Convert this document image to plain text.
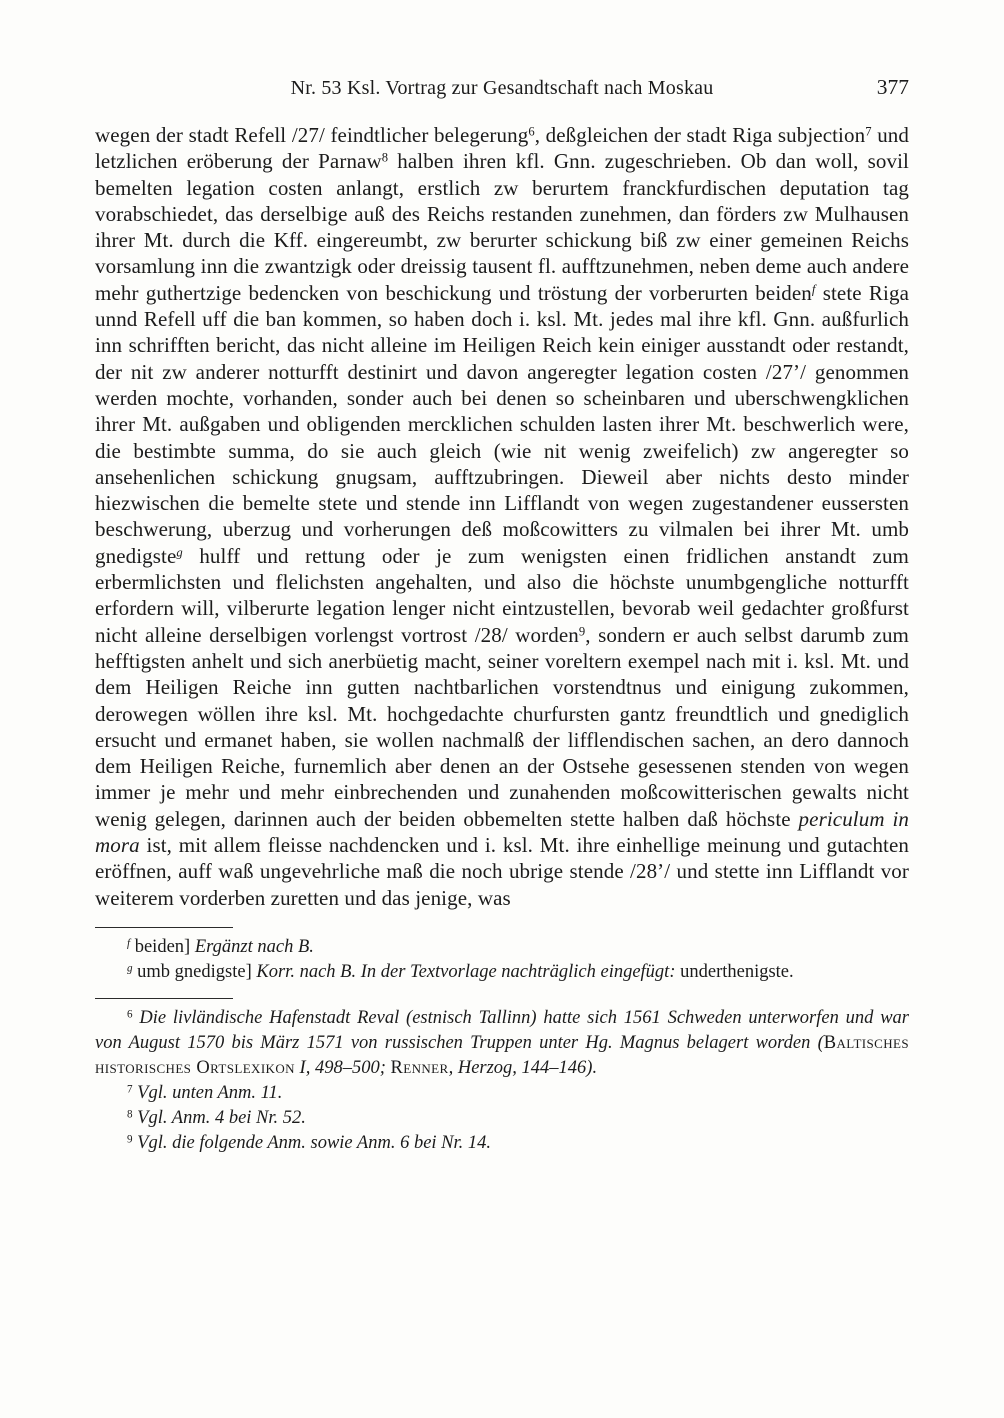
Nr. 53 Ksl. Vortrag zur Gesandtschaft nach Moskau	377

wegen der stadt Refell /27/ feindtlicher belegerung$^6$, deßgleichen der stadt Riga subjection$^7$ und letzlichen eröberung der Parnaw$^8$ halben ihren kfl. Gnn. zugeschrieben. Ob dan woll, sovil bemelten legation costen anlangt, erstlich zw berurtem franckfurdischen deputation tag vorabschiedet, das derselbige auß des Reichs restanden zunehmen, dan förders zw Mulhausen ihrer Mt. durch die Kff. eingereumbt, zw berurter schickung biß zw einer gemeinen Reichs vorsamlung inn die zwantzigk oder dreissig tausent fl. aufftzunehmen, neben deme auch andere mehr guthertzige bedencken von beschickung und tröstung der vorberurten beiden$^f$ stete Riga unnd Refell uff die ban kommen, so haben doch i. ksl. Mt. jedes mal ihre kfl. Gnn. außfurlich inn schrifften bericht, das nicht alleine im Heiligen Reich kein einiger ausstandt oder restandt, der nit zw anderer notturfft destinirt und davon angeregter legation costen /27’/ genommen werden mochte, vorhanden, sonder auch bei denen so scheinbaren und uberschwengklichen ihrer Mt. außgaben und obligenden mercklichen schulden lasten ihrer Mt. beschwerlich were, die bestimbte summa, do sie auch gleich (wie nit wenig zweifelich) zw angeregter so ansehenlichen schickung gnugsam, aufftzubringen. Dieweil aber nichts desto minder hiezwischen die bemelte stete und stende inn Lifflandt von wegen zugestandener eussersten beschwerung, uberzug und vorherungen deß moßcowitters zu vilmalen bei ihrer Mt. umb gnedigste$^g$ hulff und rettung oder je zum wenigsten einen fridlichen anstandt zum erbermlichsten und flelichsten angehalten, und also die höchste unumbgengliche notturfft erfordern will, vilberurte legation lenger nicht eintzustellen, bevorab weil gedachter großfurst nicht alleine derselbigen vorlengst vortrost /28/ worden$^9$, sondern er auch selbst darumb zum hefftigsten anhelt und sich anerbüetig macht, seiner voreltern exempel nach mit i. ksl. Mt. und dem Heiligen Reiche inn gutten nachtbarlichen vorstendtnus und einigung zukommen, derowegen wöllen ihre ksl. Mt. hochgedachte churfursten gantz freundtlich und gnediglich ersucht und ermanet haben, sie wollen nachmalß der lifflendischen sachen, an dero dannoch dem Heiligen Reiche, furnemlich aber denen an der Ostsehe gesessenen stenden von wegen immer je mehr und mehr einbrechenden und zunahenden moßcowitterischen gewalts nicht wenig gelegen, darinnen auch der beiden obbemelten stette halben daß höchste periculum in mora ist, mit allem fleisse nachdencken und i. ksl. Mt. ihre einhellige meinung und gutachten eröffnen, auff waß ungevehrliche maß die noch ubrige stende /28’/ und stette inn Lifflandt vor weiterem vorderben zuretten und das jenige, was

$^f$ beiden] Ergänzt nach B.

$^g$ umb gnedigste] Korr. nach B. In der Textvorlage nachträglich eingefügt: underthenigste.

$^6$ Die livländische Hafenstadt Reval (estnisch Tallinn) hatte sich 1561 Schweden unterworfen und war von August 1570 bis März 1571 von russischen Truppen unter Hg. Magnus belagert worden (Baltisches historisches Ortslexikon I, 498–500; Renner, Herzog, 144–146).

$^7$ Vgl. unten Anm. 11.

$^8$ Vgl. Anm. 4 bei Nr. 52.

$^9$ Vgl. die folgende Anm. sowie Anm. 6 bei Nr. 14.
